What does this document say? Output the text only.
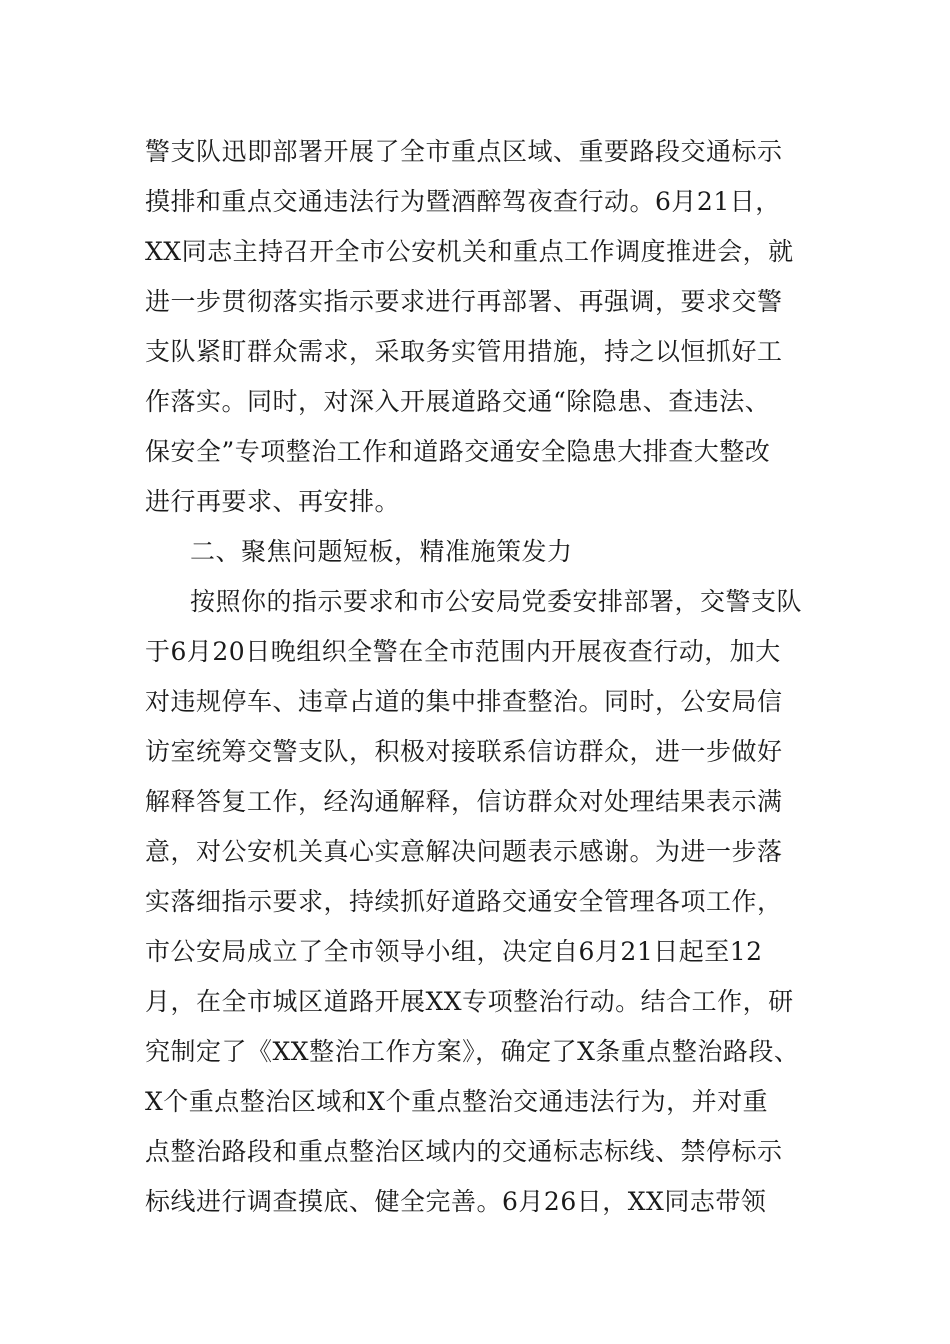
警支队迅即部署开展了全市重点区域、重要路段交通标示
摸排和重点交通违法行为暨酒醉驾夜查行动。6月21日，
XX同志主持召开全市公安机关和重点工作调度推进会，就
进一步贯彻落实指示要求进行再部署、再强调，要求交警
支队紧盯群众需求，采取务实管用措施，持之以恒抓好工
作落实。同时，对深入开展道路交通“除隐患、查违法、
保安全”专项整治工作和道路交通安全隐患大排查大整改
进行再要求、再安排。
二、聚焦问题短板，精准施策发力
按照你的指示要求和市公安局党委安排部署，交警支队
于6月20日晚组织全警在全市范围内开展夜查行动，加大
对违规停车、违章占道的集中排查整治。同时，公安局信
访室统筹交警支队，积极对接联系信访群众，进一步做好
解释答复工作，经沟通解释，信访群众对处理结果表示满
意，对公安机关真心实意解决问题表示感谢。为进一步落
实落细指示要求，持续抓好道路交通安全管理各项工作，
市公安局成立了全市领导小组，决定自6月21日起至12
月，在全市城区道路开展XX专项整治行动。结合工作，研
究制定了《XX整治工作方案》，确定了X条重点整治路段、
X个重点整治区域和X个重点整治交通违法行为，并对重
点整治路段和重点整治区域内的交通标志标线、禁停标示
标线进行调查摸底、健全完善。6月26日，XX同志带领
